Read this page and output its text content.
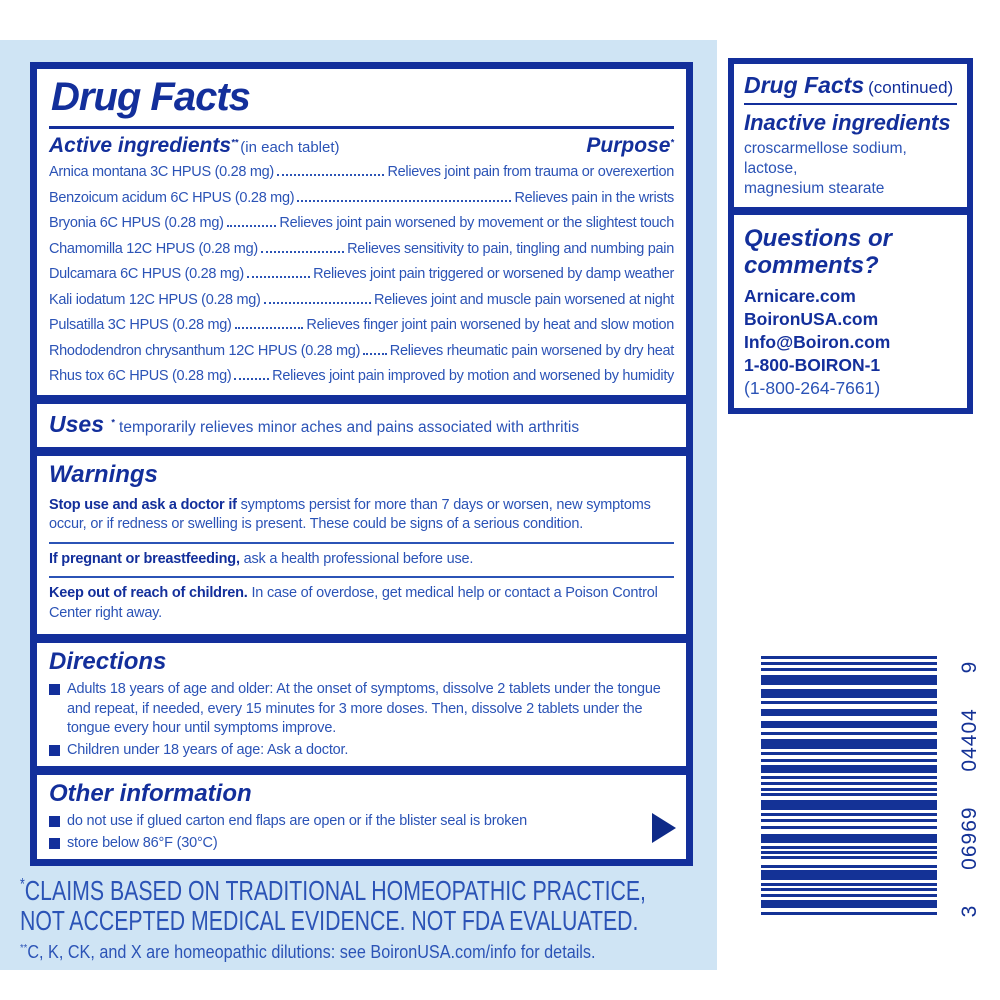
Drug Facts
Active ingredients** (in each tablet)	Purpose*
Arnica montana 3C HPUS (0.28 mg)	Relieves joint pain from trauma or overexertion
Benzoicum acidum 6C HPUS (0.28 mg)	Relieves pain in the wrists
Bryonia 6C HPUS (0.28 mg)	Relieves joint pain worsened by movement or the slightest touch
Chamomilla 12C HPUS (0.28 mg)	Relieves sensitivity to pain, tingling and numbing pain
Dulcamara 6C HPUS (0.28 mg)	Relieves joint pain triggered or worsened by damp weather
Kali iodatum 12C HPUS (0.28 mg)	Relieves joint and muscle pain worsened at night
Pulsatilla 3C HPUS (0.28 mg)	Relieves finger joint pain worsened by heat and slow motion
Rhododendron chrysanthum 12C HPUS (0.28 mg) Relieves rheumatic pain worsened by dry heat
Rhus tox 6C HPUS (0.28 mg)	Relieves joint pain improved by motion and worsened by humidity
Uses * temporarily relieves minor aches and pains associated with arthritis
Warnings
Stop use and ask a doctor if symptoms persist for more than 7 days or worsen, new symptoms occur, or if redness or swelling is present. These could be signs of a serious condition.
If pregnant or breastfeeding, ask a health professional before use.
Keep out of reach of children. In case of overdose, get medical help or contact a Poison Control Center right away.
Directions
Adults 18 years of age and older: At the onset of symptoms, dissolve 2 tablets under the tongue and repeat, if needed, every 15 minutes for 3 more doses. Then, dissolve 2 tablets under the tongue every hour until symptoms improve.
Children under 18 years of age: Ask a doctor.
Other information
do not use if glued carton end flaps are open or if the blister seal is broken
store below 86°F (30°C)
*CLAIMS BASED ON TRADITIONAL HOMEOPATHIC PRACTICE,
NOT ACCEPTED MEDICAL EVIDENCE. NOT FDA EVALUATED.
**C, K, CK, and X are homeopathic dilutions: see BoironUSA.com/info for details.
Drug Facts (continued)
Inactive ingredients
croscarmellose sodium, lactose,
magnesium stearate
Questions or comments?
Arnicare.com
BoironUSA.com
Info@Boiron.com
1-800-BOIRON-1
(1-800-264-7661)
3 06969 04404 9
